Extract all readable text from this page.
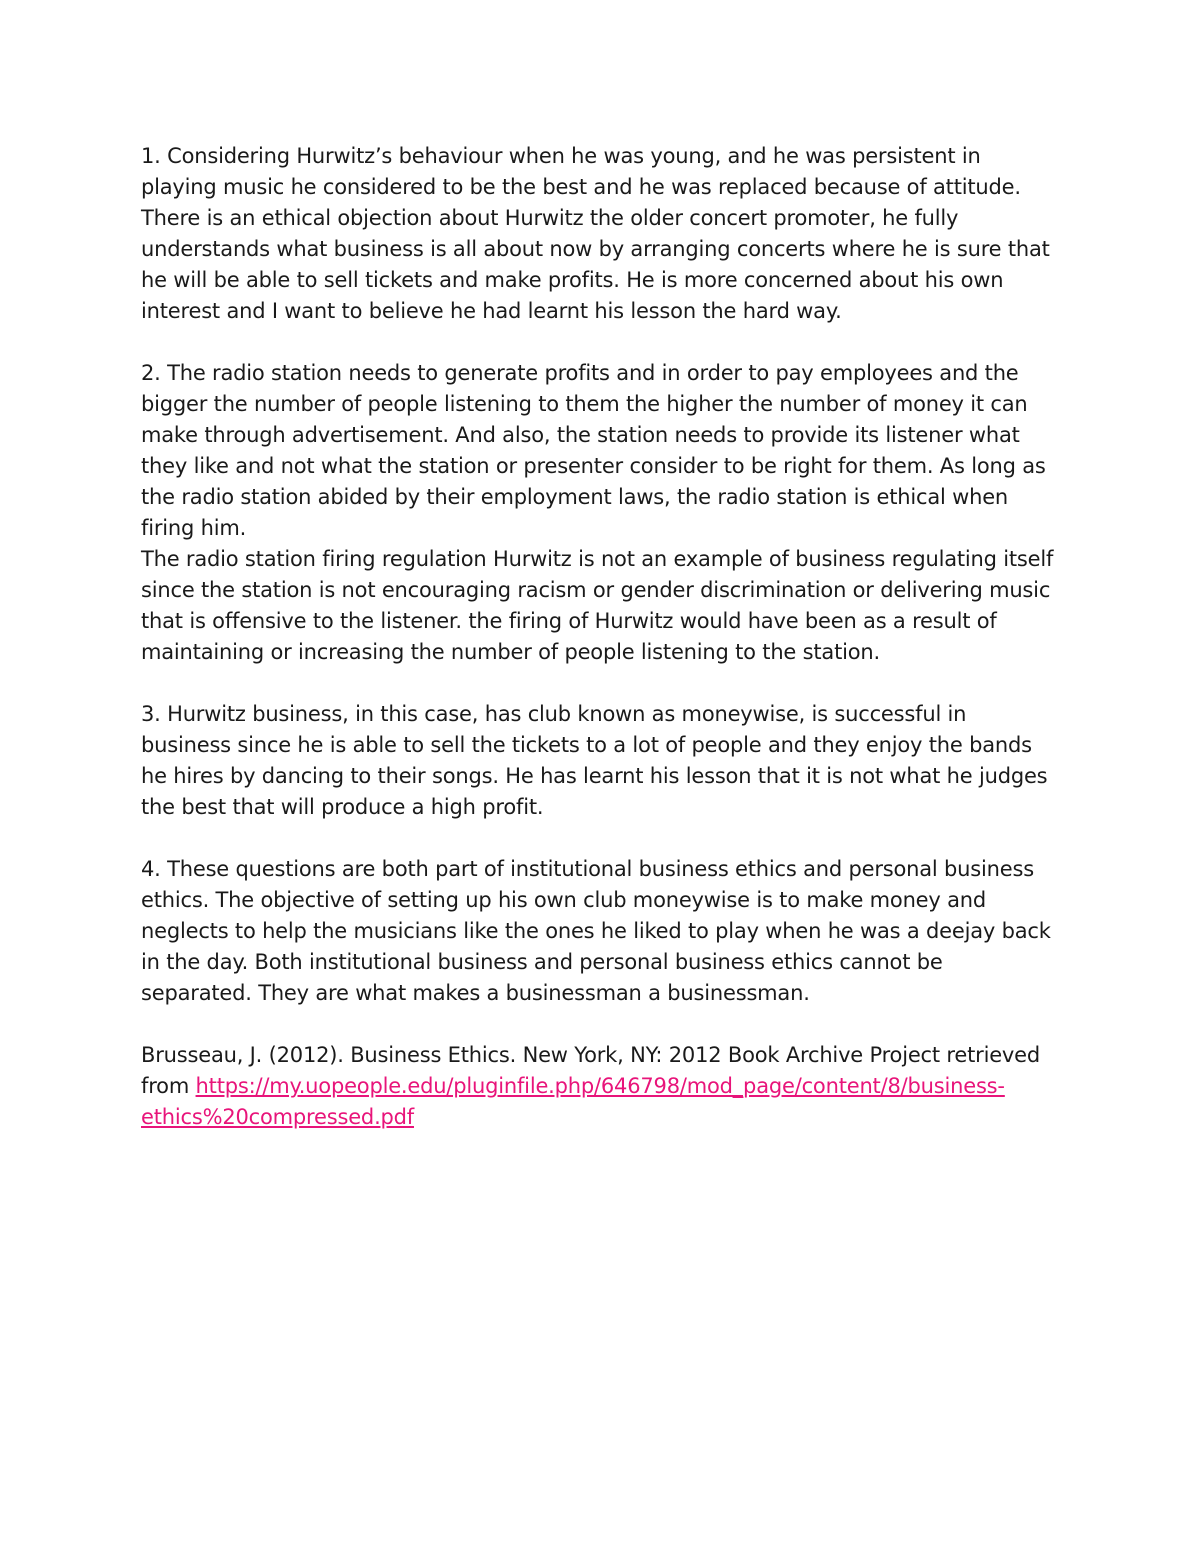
1. Considering Hurwitz’s behaviour when he was young, and he was persistent in
playing music he considered to be the best and he was replaced because of attitude.
There is an ethical objection about Hurwitz the older concert promoter, he fully
understands what business is all about now by arranging concerts where he is sure that
he will be able to sell tickets and make profits. He is more concerned about his own
interest and I want to believe he had learnt his lesson the hard way.

2. The radio station needs to generate profits and in order to pay employees and the
bigger the number of people listening to them the higher the number of money it can
make through advertisement. And also, the station needs to provide its listener what
they like and not what the station or presenter consider to be right for them. As long as
the radio station abided by their employment laws, the radio station is ethical when
firing him.

The radio station firing regulation Hurwitz is not an example of business regulating itself
since the station is not encouraging racism or gender discrimination or delivering music
that is offensive to the listener. the firing of Hurwitz would have been as a result of
maintaining or increasing the number of people listening to the station.

3. Hurwitz business, in this case, has club known as moneywise, is successful in
business since he is able to sell the tickets to a lot of people and they enjoy the bands
he hires by dancing to their songs. He has learnt his lesson that it is not what he judges
the best that will produce a high profit.

4. These questions are both part of institutional business ethics and personal business
ethics. The objective of setting up his own club moneywise is to make money and
neglects to help the musicians like the ones he liked to play when he was a deejay back
in the day. Both institutional business and personal business ethics cannot be
separated. They are what makes a businessman a businessman.

Brusseau, J. (2012). Business Ethics. New York, NY: 2012 Book Archive Project retrieved
from https://my.uopeople.edu/pluginfile.php/646798/mod_page/content/8/business-
ethics%20compressed.pdf
